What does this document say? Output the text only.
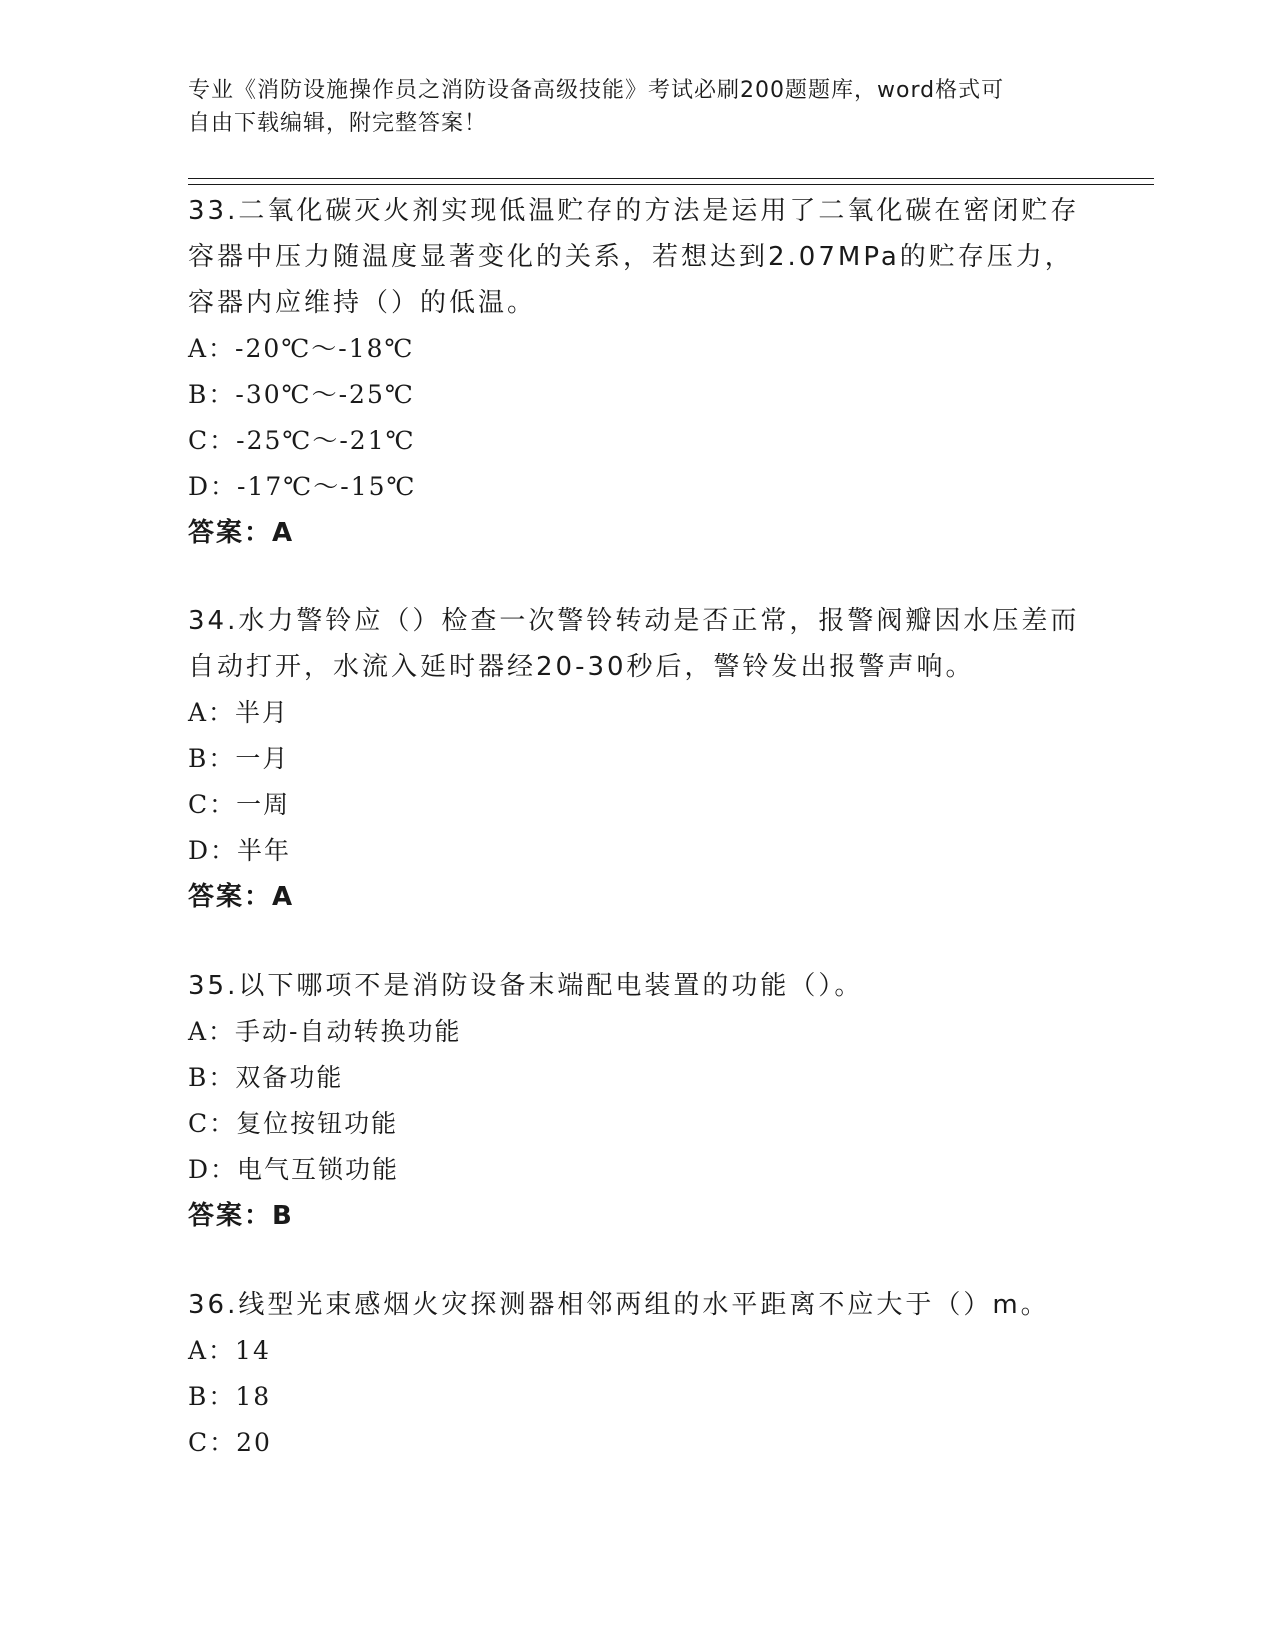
专业《消防设施操作员之消防设备高级技能》考试必刷200题题库，word格式可
自由下载编辑，附完整答案！
33.二氧化碳灭火剂实现低温贮存的方法是运用了二氧化碳在密闭贮存
容器中压力随温度显著变化的关系，若想达到2.07MPa的贮存压力，
容器内应维持（）的低温。
A：-20℃～-18℃
B：-30℃～-25℃
C：-25℃～-21℃
D：-17℃～-15℃
答案：A
34.水力警铃应（）检查一次警铃转动是否正常，报警阀瓣因水压差而
自动打开，水流入延时器经20-30秒后，警铃发出报警声响。
A：半月
B：一月
C：一周
D：半年
答案：A
35.以下哪项不是消防设备末端配电装置的功能（）。
A：手动-自动转换功能
B：双备功能
C：复位按钮功能
D：电气互锁功能
答案：B
36.线型光束感烟火灾探测器相邻两组的水平距离不应大于（）m。
A：14
B：18
C：20
